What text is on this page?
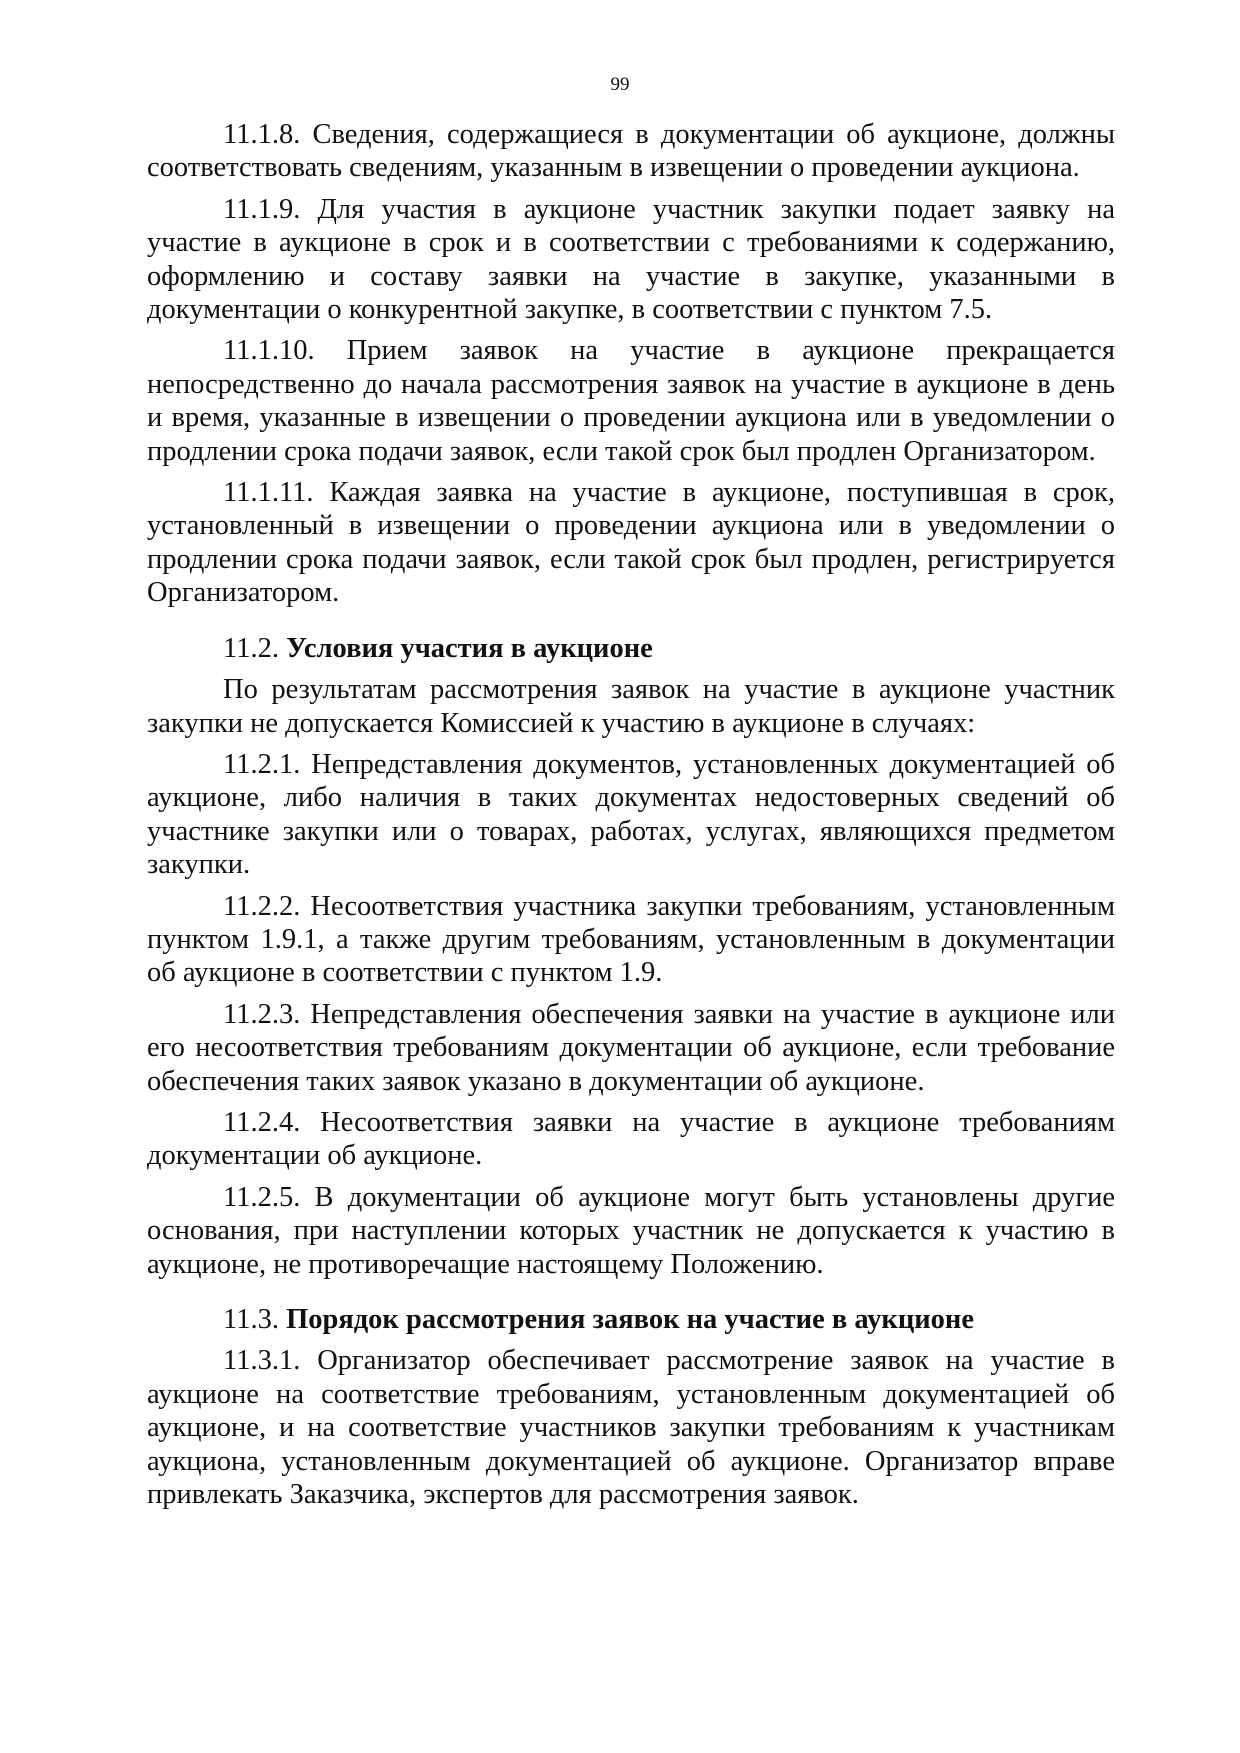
99

11.1.8. Сведения, содержащиеся в документации об аукционе, должны соответствовать сведениям, указанным в извещении о проведении аукциона.

11.1.9. Для участия в аукционе участник закупки подает заявку на участие в аукционе в срок и в соответствии с требованиями к содержанию, оформлению и составу заявки на участие в закупке, указанными в документации о конкурентной закупке, в соответствии с пунктом 7.5.

11.1.10. Прием заявок на участие в аукционе прекращается непосредственно до начала рассмотрения заявок на участие в аукционе в день и время, указанные в извещении о проведении аукциона или в уведомлении о продлении срока подачи заявок, если такой срок был продлен Организатором.

11.1.11. Каждая заявка на участие в аукционе, поступившая в срок, установленный в извещении о проведении аукциона или в уведомлении о продлении срока подачи заявок, если такой срок был продлен, регистрируется Организатором.

11.2. Условия участия в аукционе

По результатам рассмотрения заявок на участие в аукционе участник закупки не допускается Комиссией к участию в аукционе в случаях:

11.2.1. Непредставления документов, установленных документацией об аукционе, либо наличия в таких документах недостоверных сведений об участнике закупки или о товарах, работах, услугах, являющихся предметом закупки.

11.2.2. Несоответствия участника закупки требованиям, установленным пунктом 1.9.1, а также другим требованиям, установленным в документации об аукционе в соответствии с пунктом 1.9.

11.2.3. Непредставления обеспечения заявки на участие в аукционе или его несоответствия требованиям документации об аукционе, если требование обеспечения таких заявок указано в документации об аукционе.

11.2.4. Несоответствия заявки на участие в аукционе требованиям документации об аукционе.

11.2.5. В документации об аукционе могут быть установлены другие основания, при наступлении которых участник не допускается к участию в аукционе, не противоречащие настоящему Положению.

11.3. Порядок рассмотрения заявок на участие в аукционе

11.3.1. Организатор обеспечивает рассмотрение заявок на участие в аукционе на соответствие требованиям, установленным документацией об аукционе, и на соответствие участников закупки требованиям к участникам аукциона, установленным документацией об аукционе. Организатор вправе привлекать Заказчика, экспертов для рассмотрения заявок.
